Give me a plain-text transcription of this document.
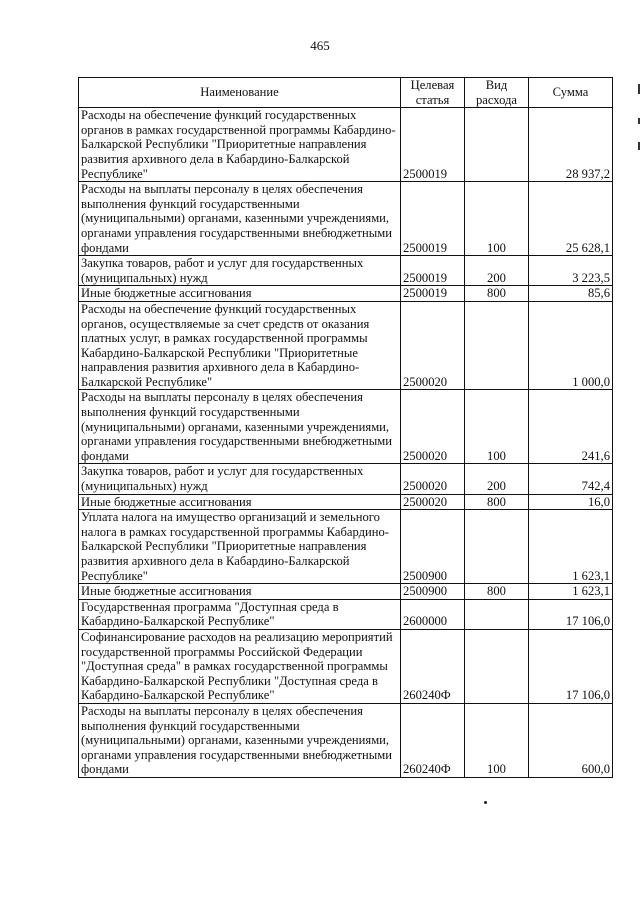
465
Наименование	Целевая статья	Вид расхода	Сумма
Расходы на обеспечение функций государственных органов в рамках государственной программы Кабардино-Балкарской Республики "Приоритетные направления развития архивного дела в Кабардино-Балкарской Республике"	2500019		28 937,2
Расходы на выплаты персоналу в целях обеспечения выполнения функций государственными (муниципальными) органами, казенными учреждениями, органами управления государственными внебюджетными фондами	2500019	100	25 628,1
Закупка товаров, работ и услуг для государственных (муниципальных) нужд	2500019	200	3 223,5
Иные бюджетные ассигнования	2500019	800	85,6
Расходы на обеспечение функций государственных органов, осуществляемые за счет средств от оказания платных услуг, в рамках государственной программы Кабардино-Балкарской Республики "Приоритетные направления развития архивного дела в Кабардино-Балкарской Республике"	2500020		1 000,0
Расходы на выплаты персоналу в целях обеспечения выполнения функций государственными (муниципальными) органами, казенными учреждениями, органами управления государственными внебюджетными фондами	2500020	100	241,6
Закупка товаров, работ и услуг для государственных (муниципальных) нужд	2500020	200	742,4
Иные бюджетные ассигнования	2500020	800	16,0
Уплата налога на имущество организаций и земельного налога в рамках государственной программы Кабардино-Балкарской Республики "Приоритетные направления развития архивного дела в Кабардино-Балкарской Республике"	2500900		1 623,1
Иные бюджетные ассигнования	2500900	800	1 623,1
Государственная программа "Доступная среда в Кабардино-Балкарской Республике"	2600000		17 106,0
Софинансирование расходов на реализацию мероприятий государственной программы Российской Федерации "Доступная среда" в рамках государственной программы Кабардино-Балкарской Республики "Доступная среда в Кабардино-Балкарской Республике"	260240Ф		17 106,0
Расходы на выплаты персоналу в целях обеспечения выполнения функций государственными (муниципальными) органами, казенными учреждениями, органами управления государственными внебюджетными фондами	260240Ф	100	600,0
